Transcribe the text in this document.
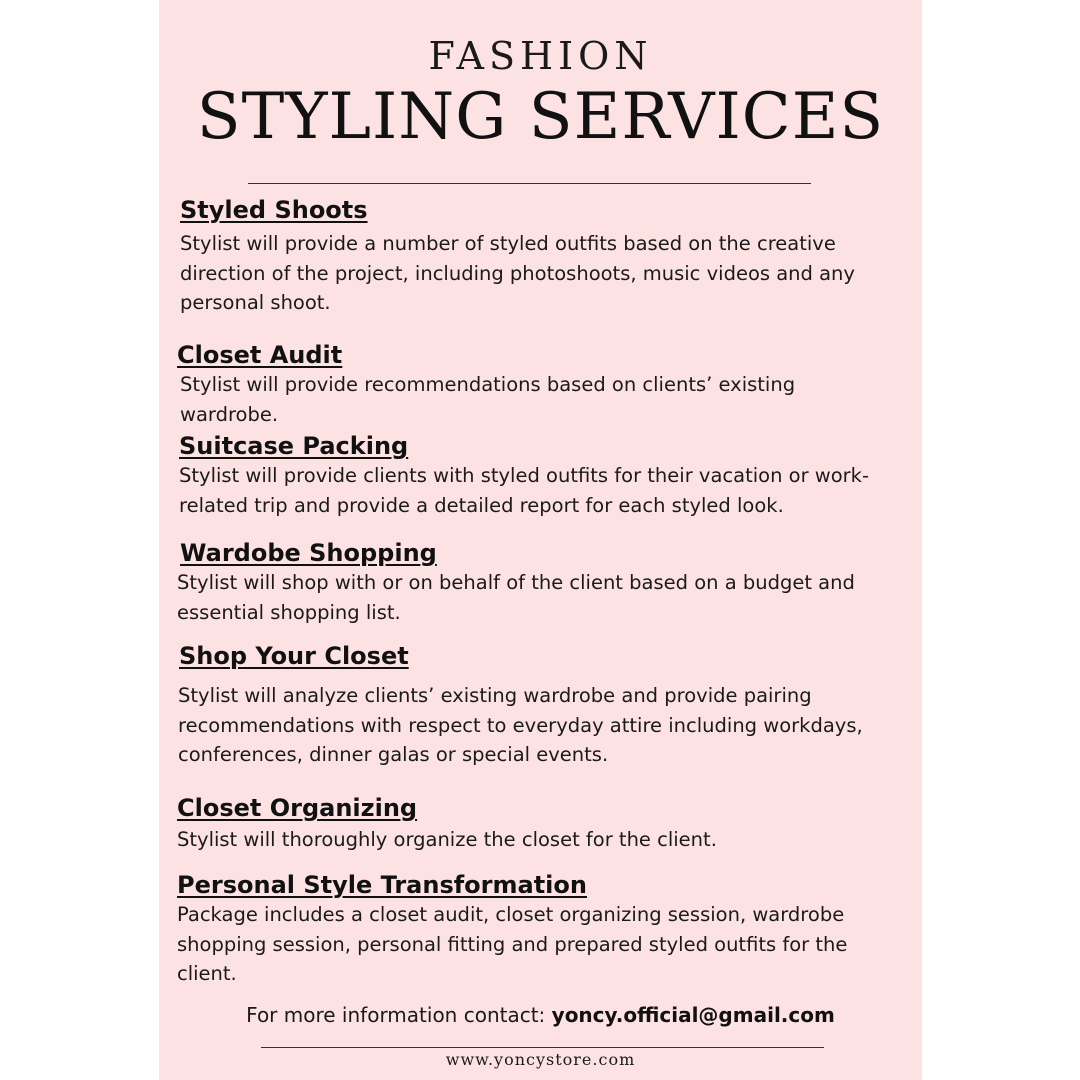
FASHION
STYLING SERVICES
Styled Shoots

Stylist will provide a number of styled outfits based on the creative direction of the project, including photoshoots, music videos and any personal shoot.

Closet Audit

Stylist will provide recommendations based on clients’ existing wardrobe.

Suitcase Packing

Stylist will provide clients with styled outfits for their vacation or work-related trip and provide a detailed report for each styled look.

Wardobe Shopping

Stylist will shop with or on behalf of the client based on a budget and essential shopping list.

Shop Your Closet

Stylist will analyze clients’ existing wardrobe and provide pairing recommendations with respect to everyday attire including workdays, conferences, dinner galas or special events.

Closet Organizing

Stylist will thoroughly organize the closet for the client.

Personal Style Transformation

Package includes a closet audit, closet organizing session, wardrobe shopping session, personal fitting and prepared styled outfits for the client.

For more information contact: yoncy.official@gmail.com
www.yoncystore.com
